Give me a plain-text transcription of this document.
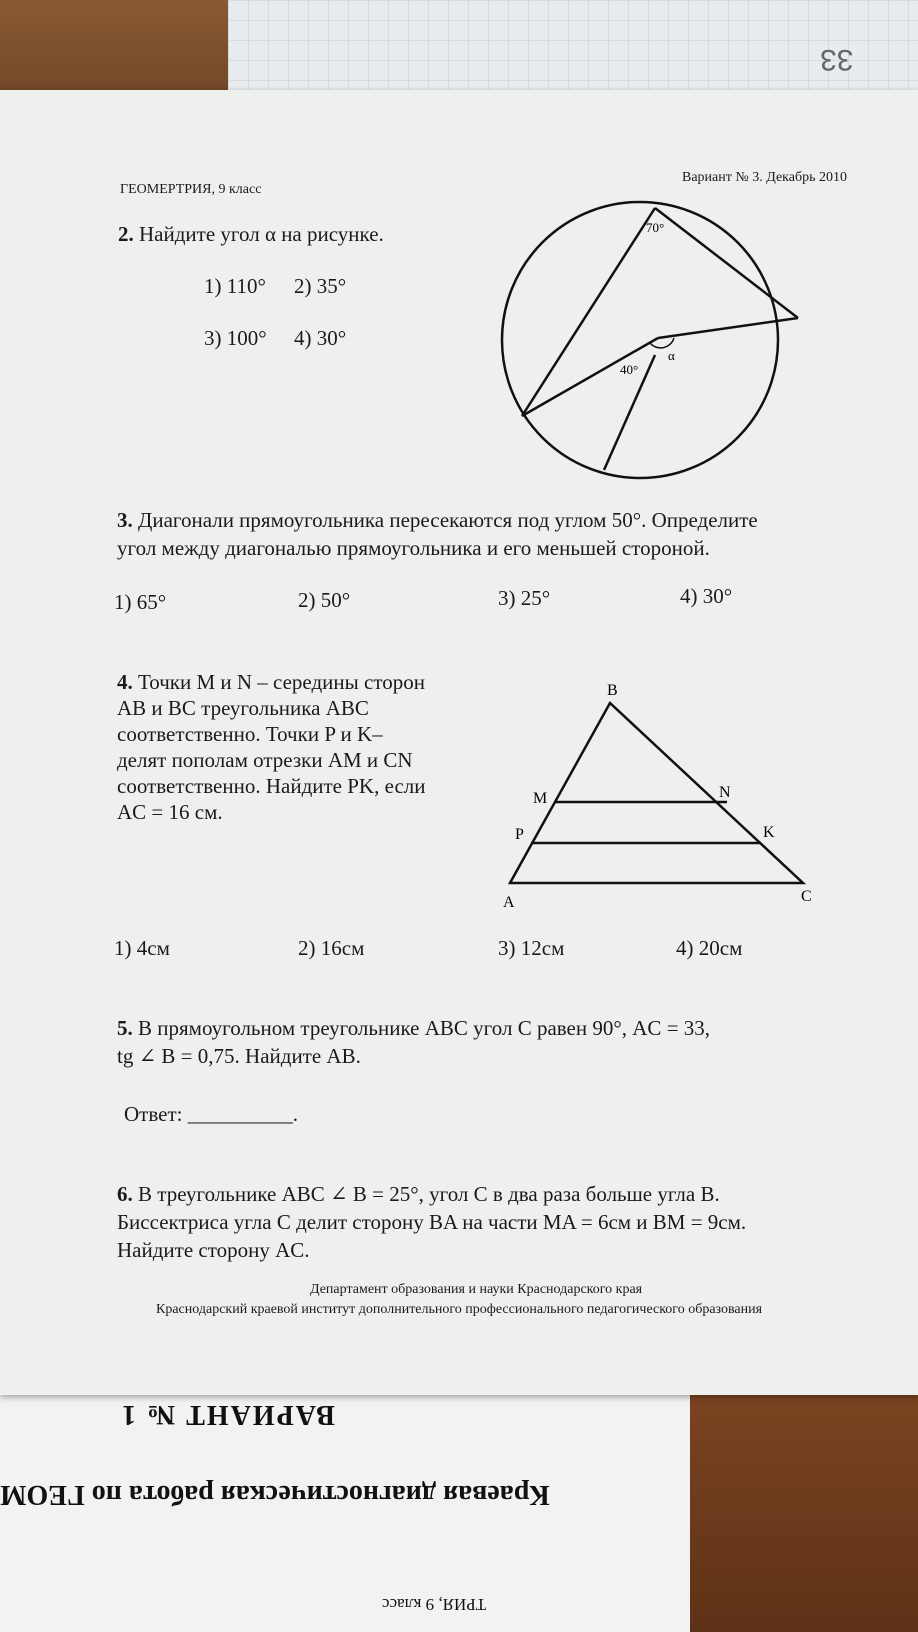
33
ВАРИАНТ № 1
Краевая диагностическая работа по ГЕОМ
ТРИЯ, 9 класс
ГЕОМЕРТРИЯ, 9 класс
Вариант № 3. Декабрь 2010
2. Найдите угол α на рисунке.
1) 110° 2) 35°
3) 100° 4) 30°
70°
40°
α
3. Диагонали прямоугольника пересекаются под углом 50°. Определите
угол между диагональю прямоугольника и его меньшей стороной.
1) 65°	2) 50°	3) 25°	4) 30°
4. Точки M и N – середины сторон
AB и ВС треугольника ABC
соответственно. Точки P и K–
делят пополам отрезки AM и CN
соответственно. Найдите PK, если
AC = 16 см.
B
M	N
P	K
A	C
1) 4см	2) 16см	3) 12см	4) 20см
5. В прямоугольном треугольнике ABC угол C равен 90°, AC = 33,
tg ∠ B = 0,75. Найдите AB.
Ответ: __________.
6. В треугольнике ABC ∠ B = 25°, угол C в два раза больше угла B.
Биссектриса угла C делит сторону BA на части MA = 6см и BM = 9см.
Найдите сторону AC.
Департамент образования и науки Краснодарского края
Краснодарский краевой институт дополнительного профессионального педагогического образования
